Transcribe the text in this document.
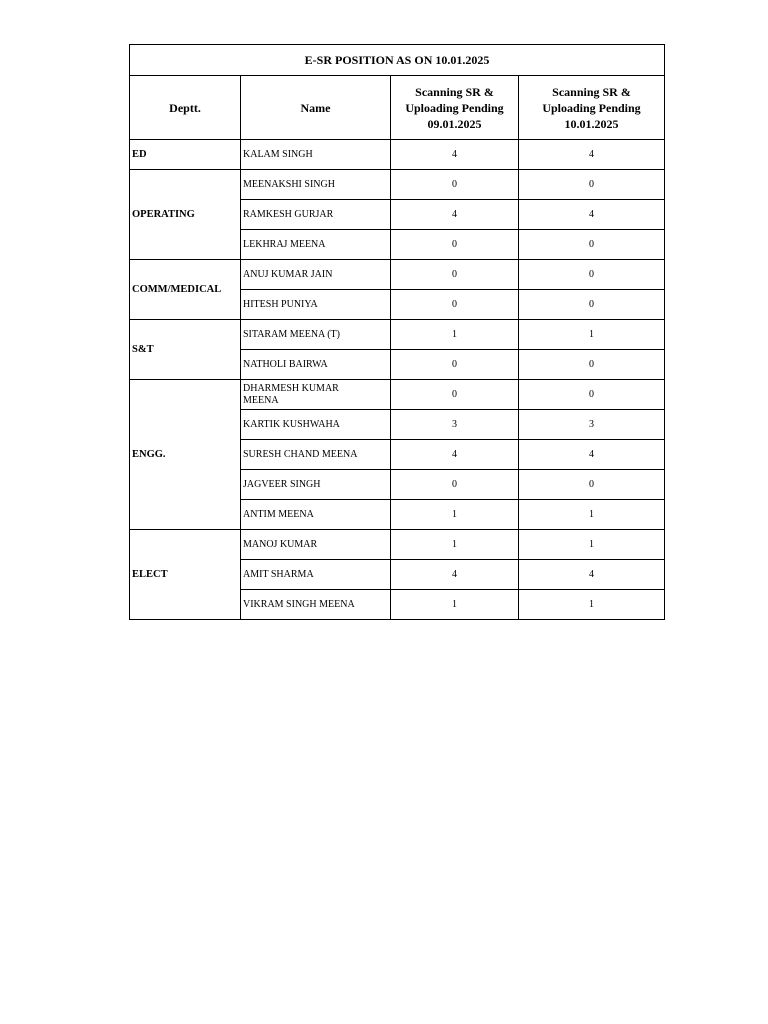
E-SR POSITION AS ON 10.01.2025			
Deptt.	Name	Scanning SR &
Uploading Pending
09.01.2025	Scanning SR &
Uploading Pending
10.01.2025

ED	KALAM SINGH	4	4
OPERATING	MEENAKSHI SINGH	0	0

	RAMKESH GURJAR	4	4

	LEKHRAJ MEENA	0	0
COMM/MEDICAL	ANUJ KUMAR JAIN	0	0

	HITESH PUNIYA	0	0
S&T	SITARAM MEENA (T)	1	1

	NATHOLI BAIRWA	0	0
ENGG.	DHARMESH KUMAR
MEENA	0	0

	KARTIK KUSHWAHA	3	3

	SURESH CHAND MEENA	4	4

	JAGVEER SINGH	0	0

	ANTIM MEENA	1	1
ELECT	MANOJ KUMAR	1	1

	AMIT SHARMA	4	4

	VIKRAM SINGH MEENA	1	1
